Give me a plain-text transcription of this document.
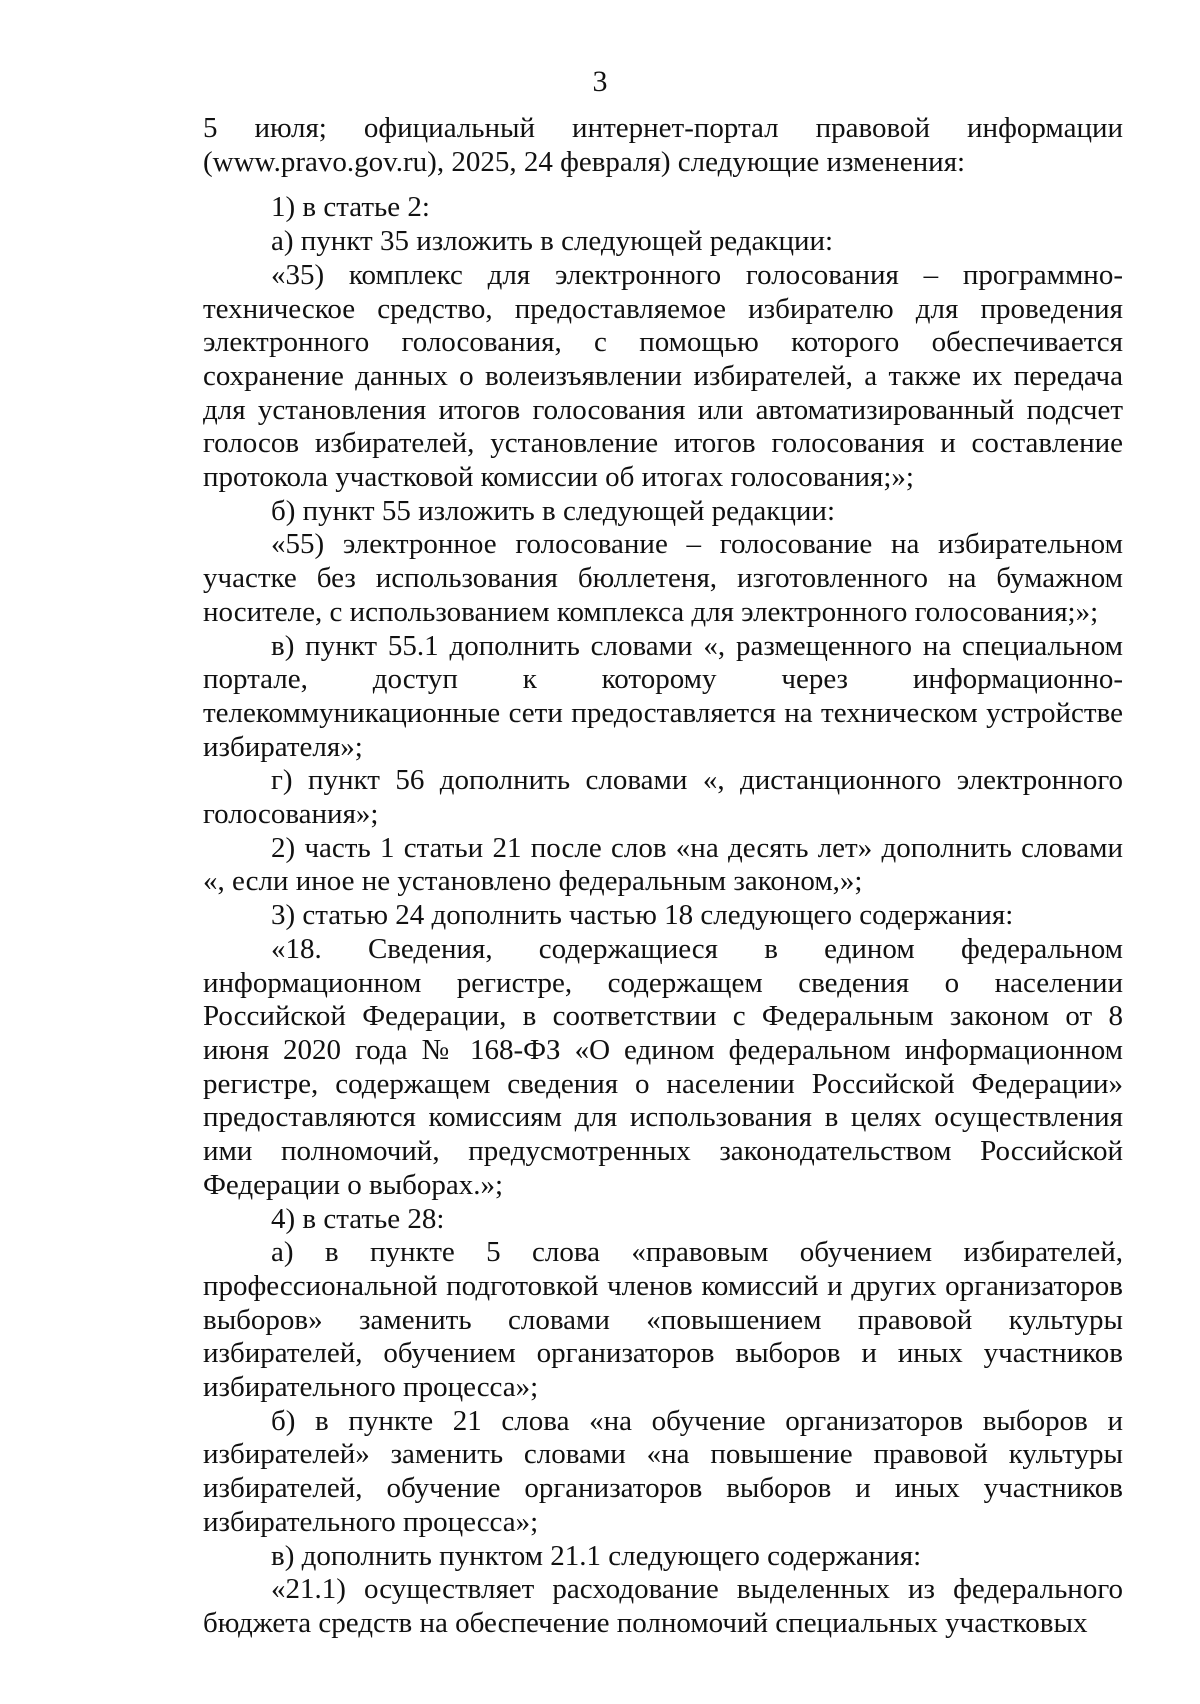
3

5 июля; официальный интернет-портал правовой информации (www.pravo.gov.ru), 2025, 24 февраля) следующие изменения:

1) в статье 2:

а) пункт 35 изложить в следующей редакции:

«35) комплекс для электронного голосования – программно-техническое средство, предоставляемое избирателю для проведения электронного голосования, с помощью которого обеспечивается сохранение данных о волеизъявлении избирателей, а также их передача для установления итогов голосования или автоматизированный подсчет голосов избирателей, установление итогов голосования и составление протокола участковой комиссии об итогах голосования;»;

б) пункт 55 изложить в следующей редакции:

«55) электронное голосование – голосование на избирательном участке без использования бюллетеня, изготовленного на бумажном носителе, с использованием комплекса для электронного голосования;»;

в) пункт 55.1 дополнить словами «, размещенного на специальном портале, доступ к которому через информационно-телекоммуникационные сети предоставляется на техническом устройстве избирателя»;

г) пункт 56 дополнить словами «, дистанционного электронного голосования»;

2) часть 1 статьи 21 после слов «на десять лет» дополнить словами «, если иное не установлено федеральным законом,»;

3) статью 24 дополнить частью 18 следующего содержания:

«18. Сведения, содержащиеся в едином федеральном информационном регистре, содержащем сведения о населении Российской Федерации, в соответствии с Федеральным законом от 8 июня 2020 года № 168-ФЗ «О едином федеральном информационном регистре, содержащем сведения о населении Российской Федерации» предоставляются комиссиям для использования в целях осуществления ими полномочий, предусмотренных законодательством Российской Федерации о выборах.»;

4) в статье 28:

а) в пункте 5 слова «правовым обучением избирателей, профессиональной подготовкой членов комиссий и других организаторов выборов» заменить словами «повышением правовой культуры избирателей, обучением организаторов выборов и иных участников избирательного процесса»;

б) в пункте 21 слова «на обучение организаторов выборов и избирателей» заменить словами «на повышение правовой культуры избирателей, обучение организаторов выборов и иных участников избирательного процесса»;

в) дополнить пунктом 21.1 следующего содержания:

«21.1) осуществляет расходование выделенных из федерального бюджета средств на обеспечение полномочий специальных участковых
